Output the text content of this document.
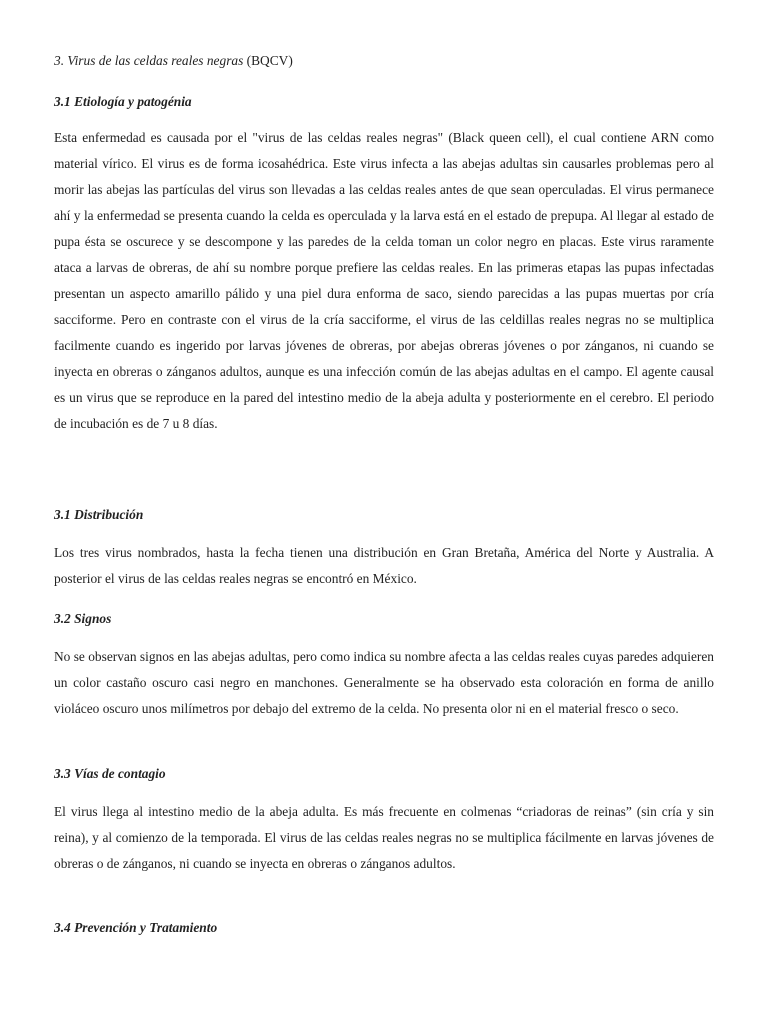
3. Virus de las celdas reales negras (BQCV)
3.1 Etiología y patogénia

Esta enfermedad es causada por el "virus de las celdas reales negras" (Black queen cell), el cual contiene ARN como material vírico. El virus es de forma icosahédrica. Este virus infecta a las abejas adultas sin causarles problemas pero al morir las abejas las partículas del virus son llevadas a las celdas reales antes de que sean operculadas. El virus permanece ahí y la enfermedad se presenta cuando la celda es operculada y la larva está en el estado de prepupa. Al llegar al estado de pupa ésta se oscurece y se descompone y las paredes de la celda toman un color negro en placas. Este virus raramente ataca a larvas de obreras, de ahí su nombre porque prefiere las celdas reales. En las primeras etapas las pupas infectadas presentan un aspecto amarillo pálido y una piel dura enforma de saco, siendo parecidas a las pupas muertas por cría sacciforme. Pero en contraste con el virus de la cría sacciforme, el virus de las celdillas reales negras no se multiplica facilmente cuando es ingerido por larvas jóvenes de obreras, por abejas obreras jóvenes o por zánganos, ni cuando se inyecta en obreras o zánganos adultos, aunque es una infección común de las abejas adultas en el campo. El agente causal es un virus que se reproduce en la pared del intestino medio de la abeja adulta y posteriormente en el cerebro. El periodo de incubación es de 7 u 8 días.

3.1 Distribución

Los tres virus nombrados, hasta la fecha tienen una distribución en Gran Bretaña, América del Norte y Australia. A posterior el virus de las celdas reales negras se encontró en México.

3.2 Signos

No se observan signos en las abejas adultas, pero como indica su nombre afecta a las celdas reales cuyas paredes adquieren un color castaño oscuro casi negro en manchones. Generalmente se ha observado esta coloración en forma de anillo violáceo oscuro unos milímetros por debajo del extremo de la celda. No presenta olor ni en el material fresco o seco.

3.3 Vías de contagio

El virus llega al intestino medio de la abeja adulta. Es más frecuente en colmenas “criadoras de reinas” (sin cría y sin reina), y al comienzo de la temporada. El virus de las celdas reales negras no se multiplica fácilmente en larvas jóvenes de obreras o de zánganos, ni cuando se inyecta en obreras o zánganos adultos.

3.4 Prevención y Tratamiento
